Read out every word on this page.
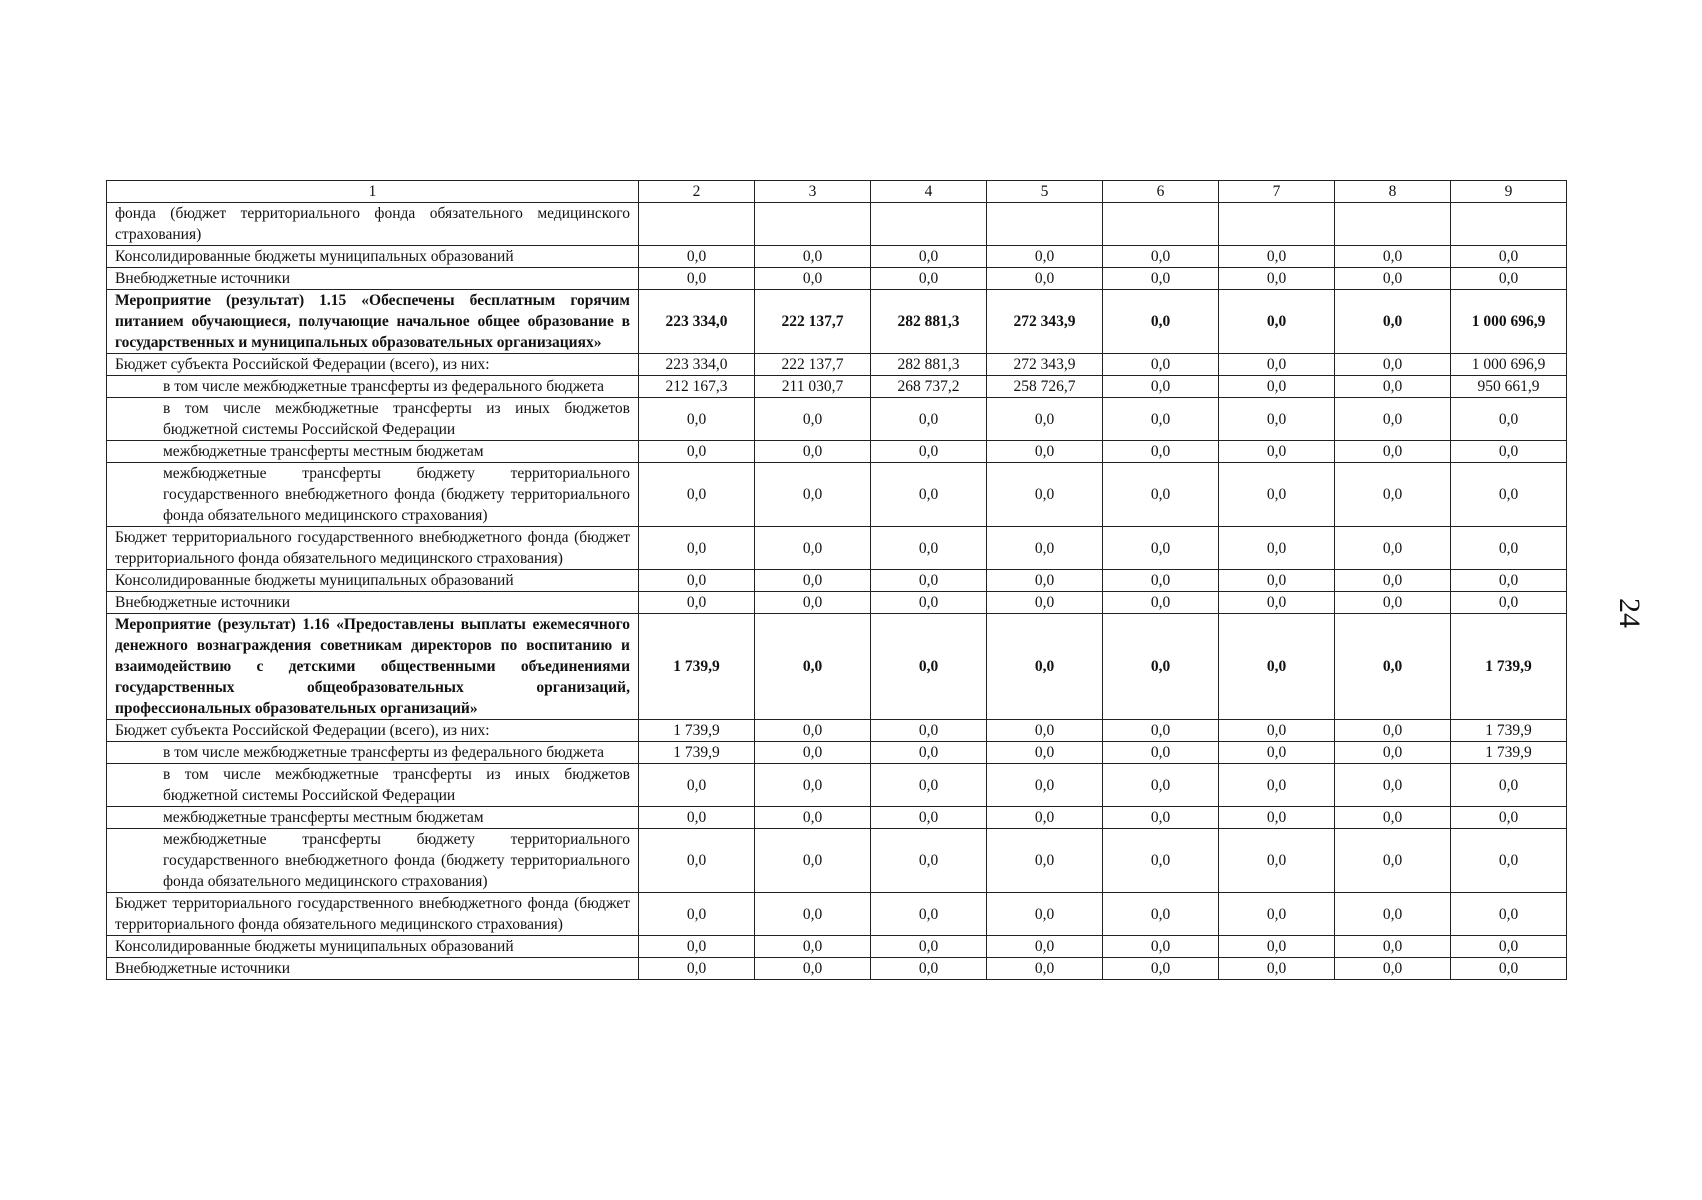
24
1	2	3	4	5	6	7	8	9
фонда (бюджет территориального фонда обязательного медицинского страхования)								
Консолидированные бюджеты муниципальных образований	0,0	0,0	0,0	0,0	0,0	0,0	0,0	0,0
Внебюджетные источники	0,0	0,0	0,0	0,0	0,0	0,0	0,0	0,0
Мероприятие (результат) 1.15 «Обеспечены бесплатным горячим питанием обучающиеся, получающие начальное общее образование в государственных и муниципальных образовательных организациях»	223 334,0	222 137,7	282 881,3	272 343,9	0,0	0,0	0,0	1 000 696,9
Бюджет субъекта Российской Федерации (всего), из них:	223 334,0	222 137,7	282 881,3	272 343,9	0,0	0,0	0,0	1 000 696,9
в том числе межбюджетные трансферты из федерального бюджета	212 167,3	211 030,7	268 737,2	258 726,7	0,0	0,0	0,0	950 661,9
в том числе межбюджетные трансферты из иных бюджетов бюджетной системы Российской Федерации	0,0	0,0	0,0	0,0	0,0	0,0	0,0	0,0
межбюджетные трансферты местным бюджетам	0,0	0,0	0,0	0,0	0,0	0,0	0,0	0,0
межбюджетные трансферты бюджету территориального государственного внебюджетного фонда (бюджету территориального фонда обязательного медицинского страхования)	0,0	0,0	0,0	0,0	0,0	0,0	0,0	0,0
Бюджет территориального государственного внебюджетного фонда (бюджет территориального фонда обязательного медицинского страхования)	0,0	0,0	0,0	0,0	0,0	0,0	0,0	0,0
Консолидированные бюджеты муниципальных образований	0,0	0,0	0,0	0,0	0,0	0,0	0,0	0,0
Внебюджетные источники	0,0	0,0	0,0	0,0	0,0	0,0	0,0	0,0
Мероприятие (результат) 1.16 «Предоставлены выплаты ежемесячного денежного вознаграждения советникам директоров по воспитанию и взаимодействию с детскими общественными объединениями государственных общеобразовательных организаций, профессиональных образовательных организаций»	1 739,9	0,0	0,0	0,0	0,0	0,0	0,0	1 739,9
Бюджет субъекта Российской Федерации (всего), из них:	1 739,9	0,0	0,0	0,0	0,0	0,0	0,0	1 739,9
в том числе межбюджетные трансферты из федерального бюджета	1 739,9	0,0	0,0	0,0	0,0	0,0	0,0	1 739,9
в том числе межбюджетные трансферты из иных бюджетов бюджетной системы Российской Федерации	0,0	0,0	0,0	0,0	0,0	0,0	0,0	0,0
межбюджетные трансферты местным бюджетам	0,0	0,0	0,0	0,0	0,0	0,0	0,0	0,0
межбюджетные трансферты бюджету территориального государственного внебюджетного фонда (бюджету территориального фонда обязательного медицинского страхования)	0,0	0,0	0,0	0,0	0,0	0,0	0,0	0,0
Бюджет территориального государственного внебюджетного фонда (бюджет территориального фонда обязательного медицинского страхования)	0,0	0,0	0,0	0,0	0,0	0,0	0,0	0,0
Консолидированные бюджеты муниципальных образований	0,0	0,0	0,0	0,0	0,0	0,0	0,0	0,0
Внебюджетные источники	0,0	0,0	0,0	0,0	0,0	0,0	0,0	0,0
